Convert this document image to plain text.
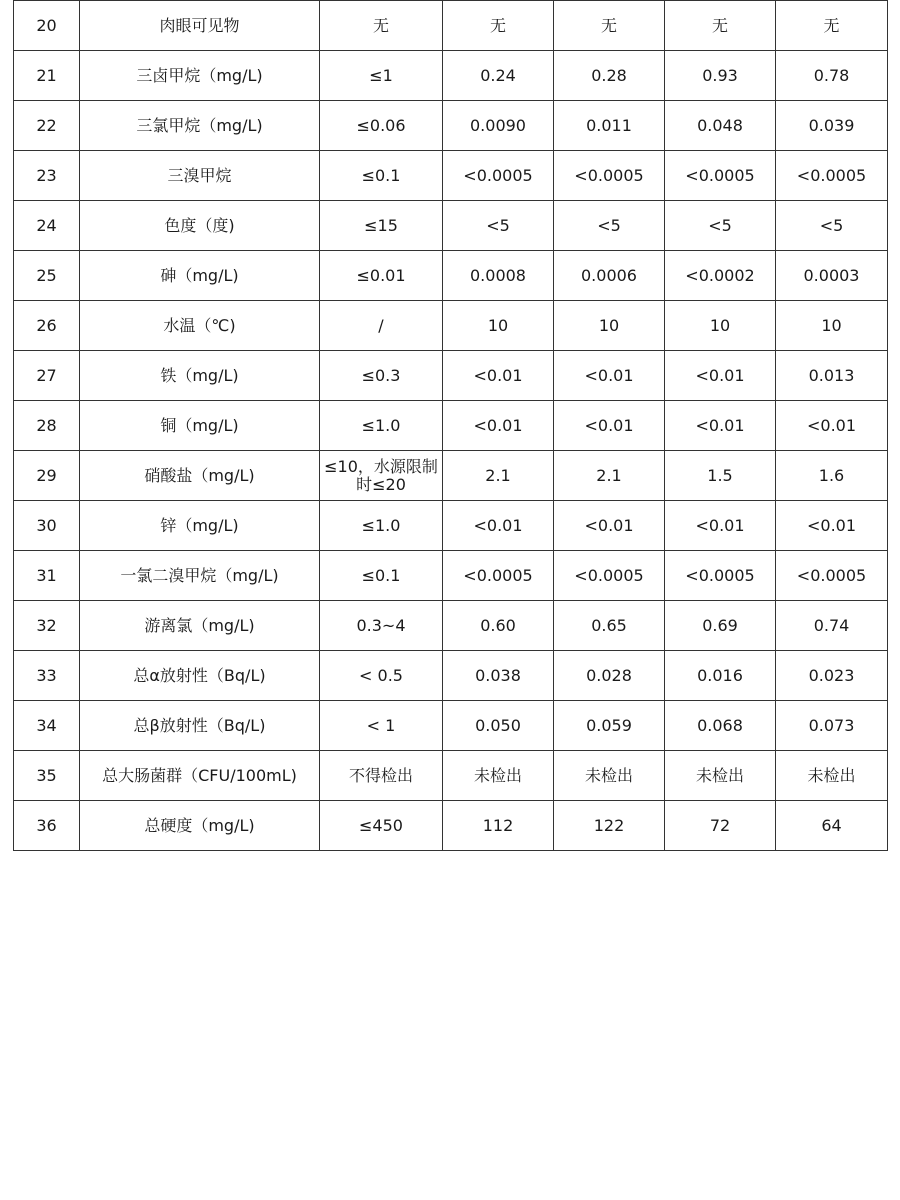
20	肉眼可见物	无	无	无	无	无
21	三卤甲烷（mg/L)	≤1	0.24	0.28	0.93	0.78
22	三氯甲烷（mg/L)	≤0.06	0.0090	0.011	0.048	0.039
23	三溴甲烷	≤0.1	<0.0005	<0.0005	<0.0005	<0.0005
24	色度（度)	≤15	<5	<5	<5	<5
25	砷（mg/L)	≤0.01	0.0008	0.0006	<0.0002	0.0003
26	水温（℃)	/	10	10	10	10
27	铁（mg/L)	≤0.3	<0.01	<0.01	<0.01	0.013
28	铜（mg/L)	≤1.0	<0.01	<0.01	<0.01	<0.01
29	硝酸盐（mg/L)	≤10，水源限制时≤20	2.1	2.1	1.5	1.6
30	锌（mg/L)	≤1.0	<0.01	<0.01	<0.01	<0.01
31	一氯二溴甲烷（mg/L)	≤0.1	<0.0005	<0.0005	<0.0005	<0.0005
32	游离氯（mg/L)	0.3~4	0.60	0.65	0.69	0.74
33	总α放射性（Bq/L)	< 0.5	0.038	0.028	0.016	0.023
34	总β放射性（Bq/L)	< 1	0.050	0.059	0.068	0.073
35	总大肠菌群（CFU/100mL)	不得检出	未检出	未检出	未检出	未检出
36	总硬度（mg/L)	≤450	112	122	72	64
